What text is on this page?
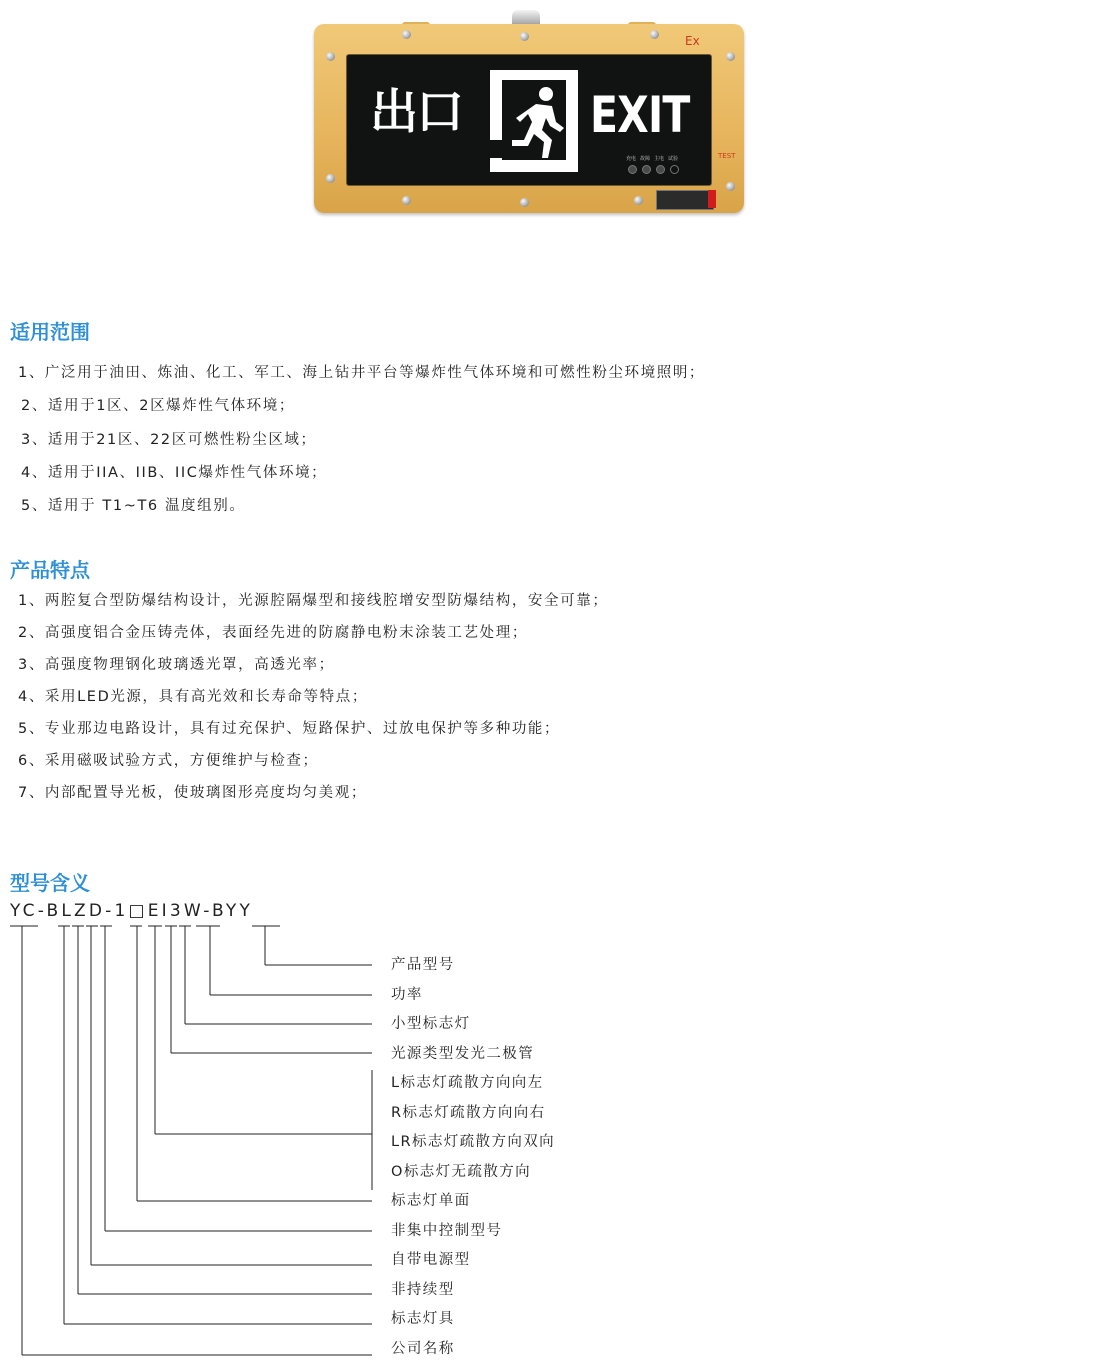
出口	EXIT
Ex
TEST
充电 故障 主电 试验
适用范围
1、广泛用于油田、炼油、化工、军工、海上钻井平台等爆炸性气体环境和可燃性粉尘环境照明；
2、适用于1区、2区爆炸性气体环境；
3、适用于21区、22区可燃性粉尘区域；
4、适用于IIA、IIB、IIC爆炸性气体环境；
5、适用于 T1~T6 温度组别。
产品特点
1、两腔复合型防爆结构设计，光源腔隔爆型和接线腔增安型防爆结构，安全可靠；
2、高强度铝合金压铸壳体，表面经先进的防腐静电粉末涂装工艺处理；
3、高强度物理钢化玻璃透光罩，高透光率；
4、采用LED光源，具有高光效和长寿命等特点；
5、专业那边电路设计，具有过充保护、短路保护、过放电保护等多种功能；
6、采用磁吸试验方式，方便维护与检查；
7、内部配置导光板，使玻璃图形亮度均匀美观；
型号含义
YC-BLZD-1□EI3W-BYY
产品型号
功率
小型标志灯
光源类型发光二极管
L标志灯疏散方向向左
R标志灯疏散方向向右
LR标志灯疏散方向双向
O标志灯无疏散方向
标志灯单面
非集中控制型号
自带电源型
非持续型
标志灯具
公司名称
